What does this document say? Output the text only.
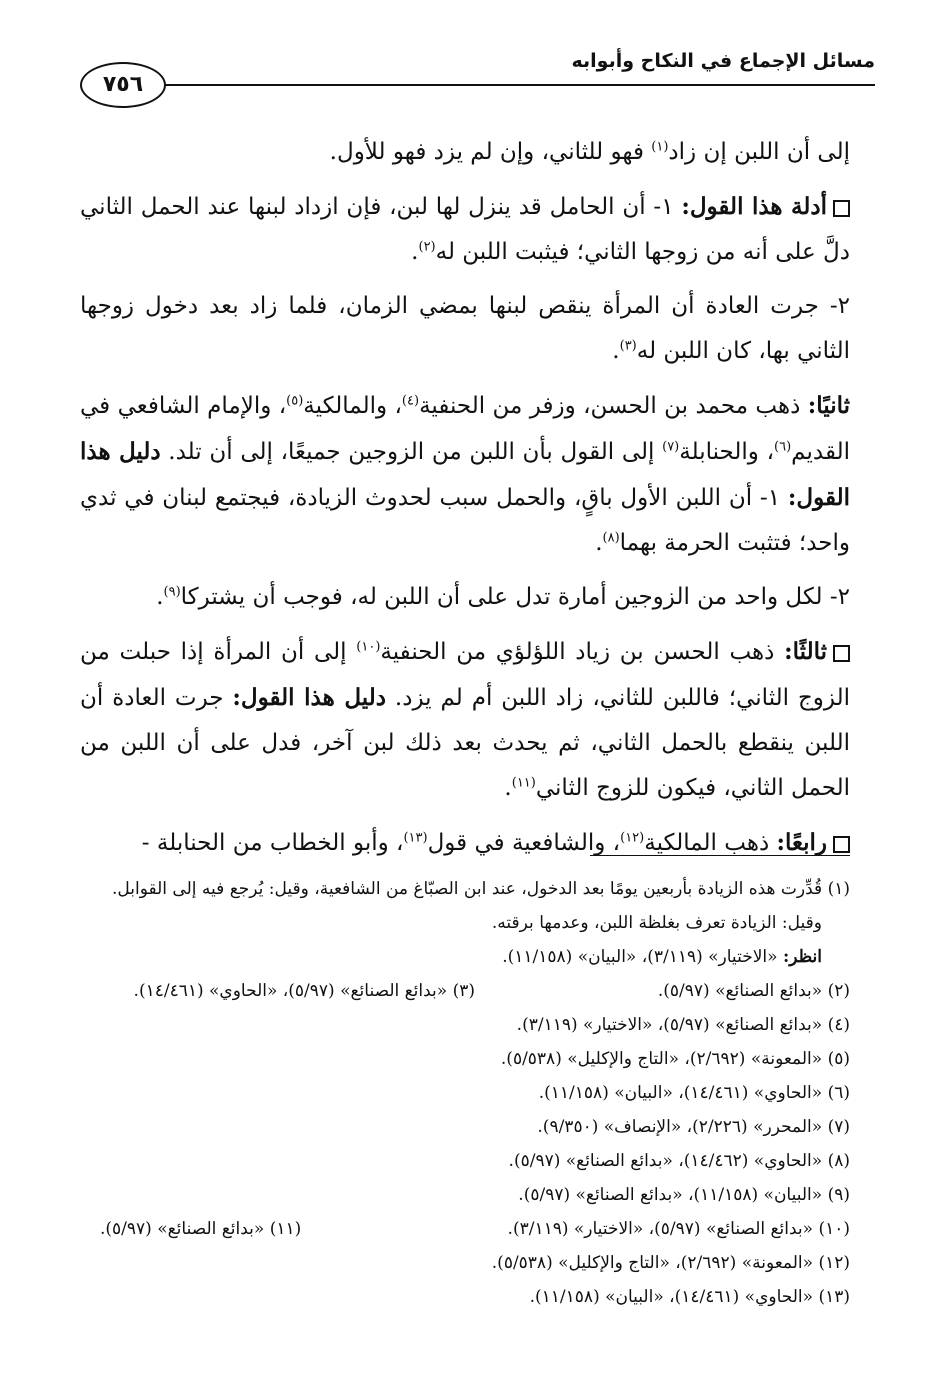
مسائل الإجماع في النكاح وأبوابه
٧٥٦

إلى أن اللبن إن زاد$^{(١)}$ فهو للثاني، وإن لم يزد فهو للأول.

أدلة هذا القول: ١- أن الحامل قد ينزل لها لبن، فإن ازداد لبنها عند الحمل الثاني دلَّ على أنه من زوجها الثاني؛ فيثبت اللبن له$^{(٢)}$.

٢- جرت العادة أن المرأة ينقص لبنها بمضي الزمان، فلما زاد بعد دخول زوجها الثاني بها، كان اللبن له$^{(٣)}$.

ثانيًا: ذهب محمد بن الحسن، وزفر من الحنفية$^{(٤)}$، والمالكية$^{(٥)}$، والإمام الشافعي في القديم$^{(٦)}$، والحنابلة$^{(٧)}$ إلى القول بأن اللبن من الزوجين جميعًا، إلى أن تلد. دليل هذا القول: ١- أن اللبن الأول باقٍ، والحمل سبب لحدوث الزيادة، فيجتمع لبنان في ثدي واحد؛ فتثبت الحرمة بهما$^{(٨)}$.

٢- لكل واحد من الزوجين أمارة تدل على أن اللبن له، فوجب أن يشتركا$^{(٩)}$.

ثالثًا: ذهب الحسن بن زياد اللؤلؤي من الحنفية$^{(١٠)}$ إلى أن المرأة إذا حبلت من الزوج الثاني؛ فاللبن للثاني، زاد اللبن أم لم يزد. دليل هذا القول: جرت العادة أن اللبن ينقطع بالحمل الثاني، ثم يحدث بعد ذلك لبن آخر، فدل على أن اللبن من الحمل الثاني، فيكون للزوج الثاني$^{(١١)}$.

رابعًا: ذهب المالكية$^{(١٢)}$، والشافعية في قول$^{(١٣)}$، وأبو الخطاب من الحنابلة -

(١) قُدِّرت هذه الزيادة بأربعين يومًا بعد الدخول، عند ابن الصبّاغ من الشافعية، وقيل: يُرجع فيه إلى القوابل.
وقيل: الزيادة تعرف بغلظة اللبن، وعدمها برقته.
انظر: «الاختيار» (٣/١١٩)، «البيان» (١١/١٥٨).
(٢) «بدائع الصنائع» (٥/٩٧).
(٣) «بدائع الصنائع» (٥/٩٧)، «الحاوي» (١٤/٤٦١).
(٤) «بدائع الصنائع» (٥/٩٧)، «الاختيار» (٣/١١٩).
(٥) «المعونة» (٢/٦٩٢)، «التاج والإكليل» (٥/٥٣٨).
(٦) «الحاوي» (١٤/٤٦١)، «البيان» (١١/١٥٨).
(٧) «المحرر» (٢/٢٢٦)، «الإنصاف» (٩/٣٥٠).
(٨) «الحاوي» (١٤/٤٦٢)، «بدائع الصنائع» (٥/٩٧).
(٩) «البيان» (١١/١٥٨)، «بدائع الصنائع» (٥/٩٧).
(١٠) «بدائع الصنائع» (٥/٩٧)، «الاختيار» (٣/١١٩).
(١١) «بدائع الصنائع» (٥/٩٧).
(١٢) «المعونة» (٢/٦٩٢)، «التاج والإكليل» (٥/٥٣٨).
(١٣) «الحاوي» (١٤/٤٦١)، «البيان» (١١/١٥٨).
